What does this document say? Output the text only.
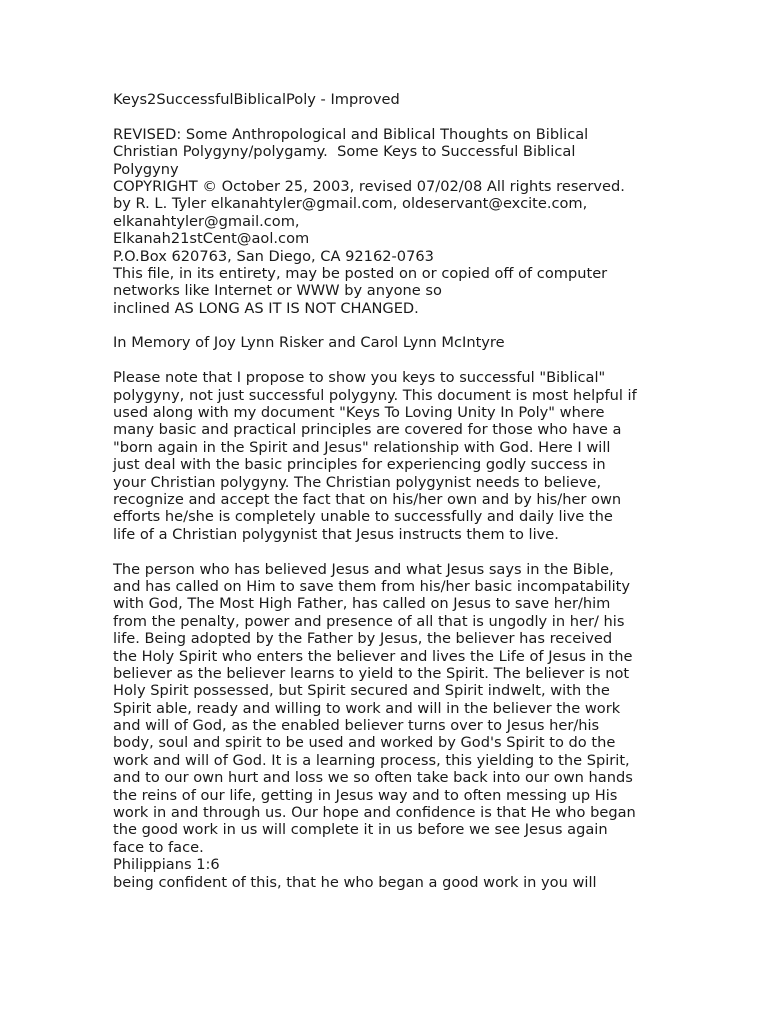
Keys2SuccessfulBiblicalPoly - Improved
REVISED: Some Anthropological and Biblical Thoughts on Biblical
Christian Polygyny/polygamy.  Some Keys to Successful Biblical
Polygyny
COPYRIGHT © October 25, 2003, revised 07/02/08 All rights reserved.
by R. L. Tyler elkanahtyler@gmail.com, oldeservant@excite.com,
elkanahtyler@gmail.com,
Elkanah21stCent@aol.com
P.O.Box 620763, San Diego, CA 92162-0763
This file, in its entirety, may be posted on or copied off of computer
networks like Internet or WWW by anyone so
inclined AS LONG AS IT IS NOT CHANGED.
In Memory of Joy Lynn Risker and Carol Lynn McIntyre
Please note that I propose to show you keys to successful "Biblical"
polygyny, not just successful polygyny. This document is most helpful if
used along with my document "Keys To Loving Unity In Poly" where
many basic and practical principles are covered for those who have a
"born again in the Spirit and Jesus" relationship with God. Here I will
just deal with the basic principles for experiencing godly success in
your Christian polygyny. The Christian polygynist needs to believe,
recognize and accept the fact that on his/her own and by his/her own
efforts he/she is completely unable to successfully and daily live the
life of a Christian polygynist that Jesus instructs them to live.
The person who has believed Jesus and what Jesus says in the Bible,
and has called on Him to save them from his/her basic incompatability
with God, The Most High Father, has called on Jesus to save her/him
from the penalty, power and presence of all that is ungodly in her/ his
life. Being adopted by the Father by Jesus, the believer has received
the Holy Spirit who enters the believer and lives the Life of Jesus in the
believer as the believer learns to yield to the Spirit. The believer is not
Holy Spirit possessed, but Spirit secured and Spirit indwelt, with the
Spirit able, ready and willing to work and will in the believer the work
and will of God, as the enabled believer turns over to Jesus her/his
body, soul and spirit to be used and worked by God's Spirit to do the
work and will of God. It is a learning process, this yielding to the Spirit,
and to our own hurt and loss we so often take back into our own hands
the reins of our life, getting in Jesus way and to often messing up His
work in and through us. Our hope and confidence is that He who began
the good work in us will complete it in us before we see Jesus again
face to face.
Philippians 1:6
being confident of this, that he who began a good work in you will
